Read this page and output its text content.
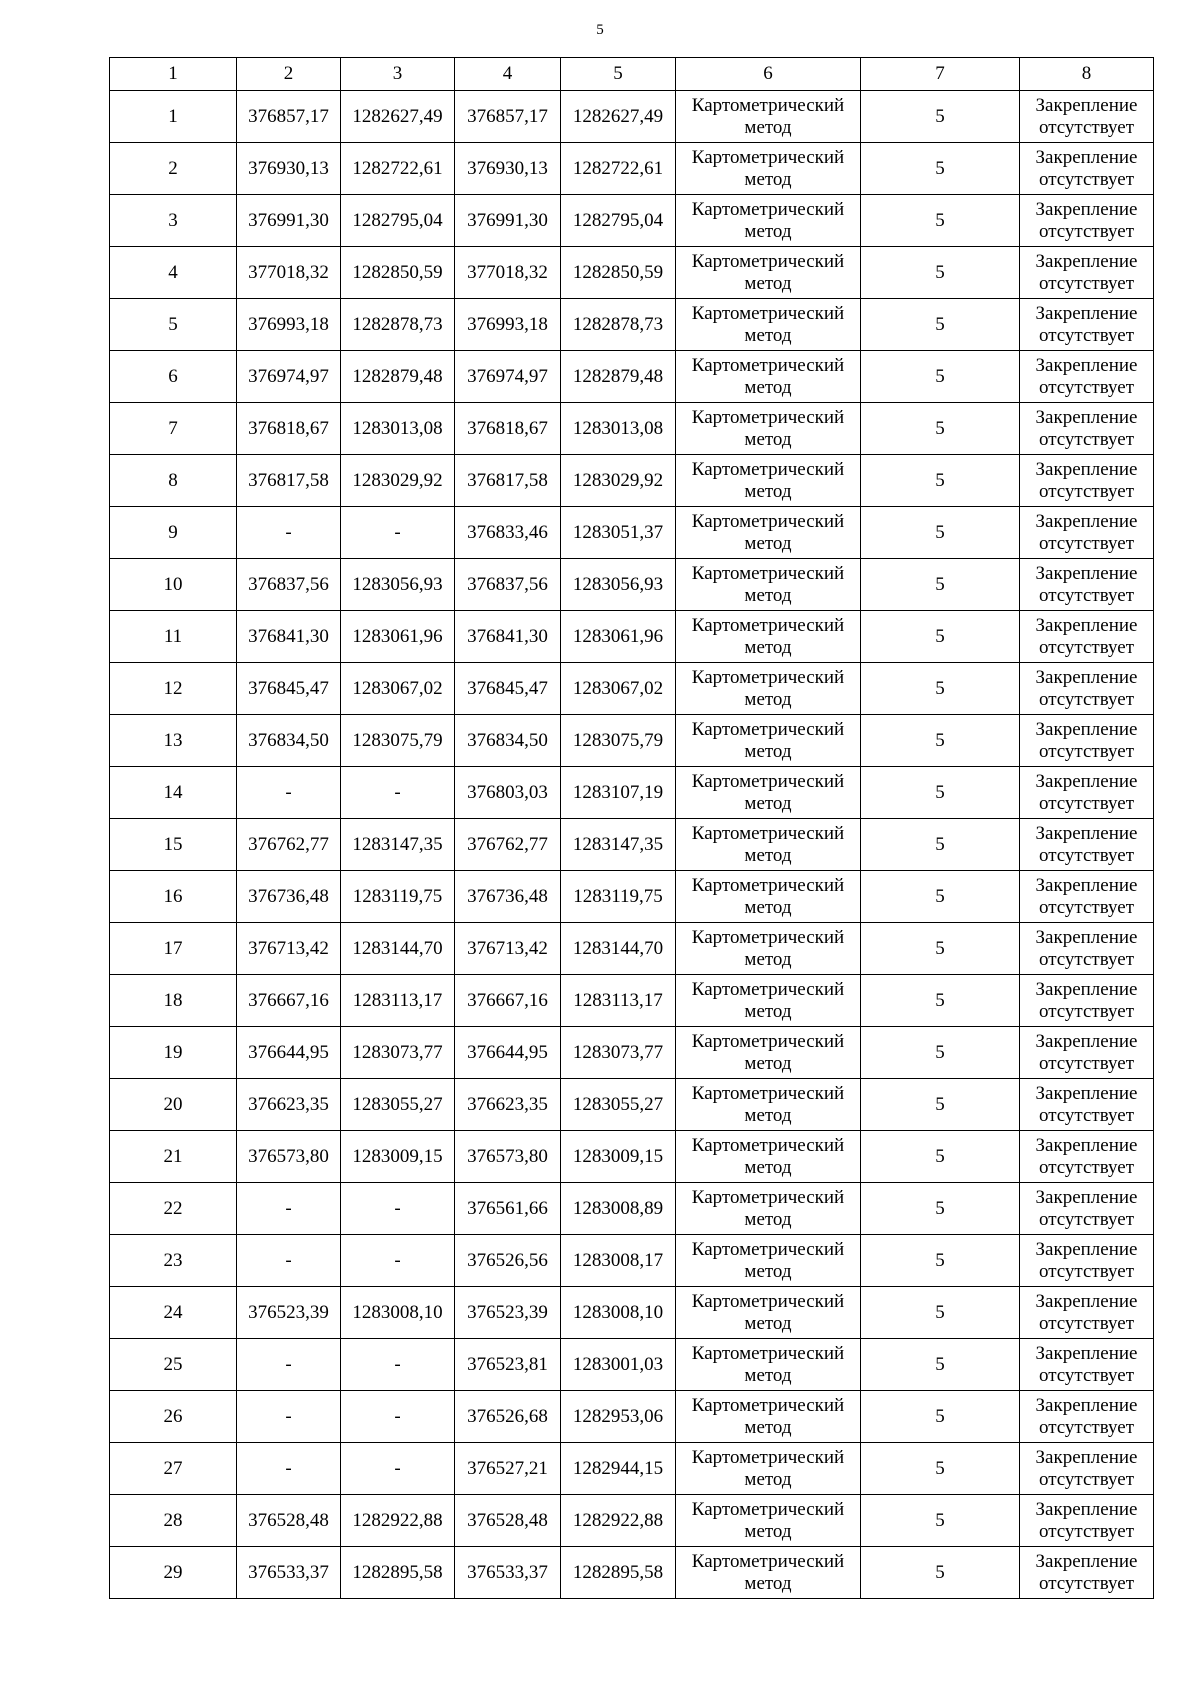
5
1	2	3	4	5	6	7	8
1	376857,17	1282627,49	376857,17	1282627,49	Картометрический метод	5	Закрепление отсутствует
2	376930,13	1282722,61	376930,13	1282722,61	Картометрический метод	5	Закрепление отсутствует
3	376991,30	1282795,04	376991,30	1282795,04	Картометрический метод	5	Закрепление отсутствует
4	377018,32	1282850,59	377018,32	1282850,59	Картометрический метод	5	Закрепление отсутствует
5	376993,18	1282878,73	376993,18	1282878,73	Картометрический метод	5	Закрепление отсутствует
6	376974,97	1282879,48	376974,97	1282879,48	Картометрический метод	5	Закрепление отсутствует
7	376818,67	1283013,08	376818,67	1283013,08	Картометрический метод	5	Закрепление отсутствует
8	376817,58	1283029,92	376817,58	1283029,92	Картометрический метод	5	Закрепление отсутствует
9	-	-	376833,46	1283051,37	Картометрический метод	5	Закрепление отсутствует
10	376837,56	1283056,93	376837,56	1283056,93	Картометрический метод	5	Закрепление отсутствует
11	376841,30	1283061,96	376841,30	1283061,96	Картометрический метод	5	Закрепление отсутствует
12	376845,47	1283067,02	376845,47	1283067,02	Картометрический метод	5	Закрепление отсутствует
13	376834,50	1283075,79	376834,50	1283075,79	Картометрический метод	5	Закрепление отсутствует
14	-	-	376803,03	1283107,19	Картометрический метод	5	Закрепление отсутствует
15	376762,77	1283147,35	376762,77	1283147,35	Картометрический метод	5	Закрепление отсутствует
16	376736,48	1283119,75	376736,48	1283119,75	Картометрический метод	5	Закрепление отсутствует
17	376713,42	1283144,70	376713,42	1283144,70	Картометрический метод	5	Закрепление отсутствует
18	376667,16	1283113,17	376667,16	1283113,17	Картометрический метод	5	Закрепление отсутствует
19	376644,95	1283073,77	376644,95	1283073,77	Картометрический метод	5	Закрепление отсутствует
20	376623,35	1283055,27	376623,35	1283055,27	Картометрический метод	5	Закрепление отсутствует
21	376573,80	1283009,15	376573,80	1283009,15	Картометрический метод	5	Закрепление отсутствует
22	-	-	376561,66	1283008,89	Картометрический метод	5	Закрепление отсутствует
23	-	-	376526,56	1283008,17	Картометрический метод	5	Закрепление отсутствует
24	376523,39	1283008,10	376523,39	1283008,10	Картометрический метод	5	Закрепление отсутствует
25	-	-	376523,81	1283001,03	Картометрический метод	5	Закрепление отсутствует
26	-	-	376526,68	1282953,06	Картометрический метод	5	Закрепление отсутствует
27	-	-	376527,21	1282944,15	Картометрический метод	5	Закрепление отсутствует
28	376528,48	1282922,88	376528,48	1282922,88	Картометрический метод	5	Закрепление отсутствует
29	376533,37	1282895,58	376533,37	1282895,58	Картометрический метод	5	Закрепление отсутствует
